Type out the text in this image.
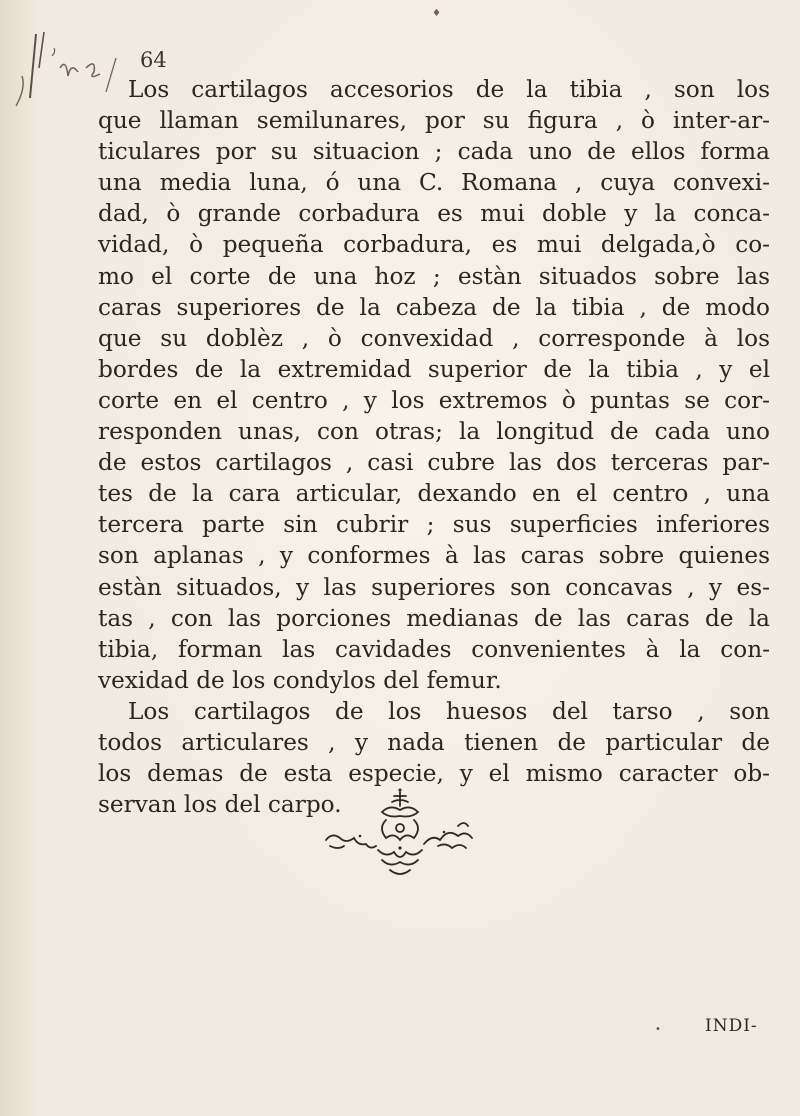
♦
64
Los cartilagos accesorios de la tibia , son los
que llaman semilunares, por su figura , ò inter-ar-
ticulares por su situacion ; cada uno de ellos forma
una media luna, ó una C. Romana , cuya convexi-
dad, ò grande corbadura es mui doble y la conca-
vidad, ò pequeña corbadura, es mui delgada,ò co-
mo el corte de una hoz ; estàn situados sobre las
caras superiores de la cabeza de la tibia , de modo
que su doblèz , ò convexidad , corresponde à los
bordes de la extremidad superior de la tibia , y el
corte en el centro , y los extremos ò puntas se cor-
responden unas, con otras; la longitud de cada uno
de estos cartilagos , casi cubre las dos terceras par-
tes de la cara articular, dexando en el centro , una
tercera parte sin cubrir ; sus superficies inferiores
son aplanas , y conformes à las caras sobre quienes
estàn situados, y las superiores son concavas , y es-
tas , con las porciones medianas de las caras de la
tibia, forman las cavidades convenientes à la con-
vexidad de los condylos del femur.
Los cartilagos de los huesos del tarso , son
todos articulares , y nada tienen de particular de
los demas de esta especie, y el mismo caracter ob-
servan los del carpo.
•	INDI-
